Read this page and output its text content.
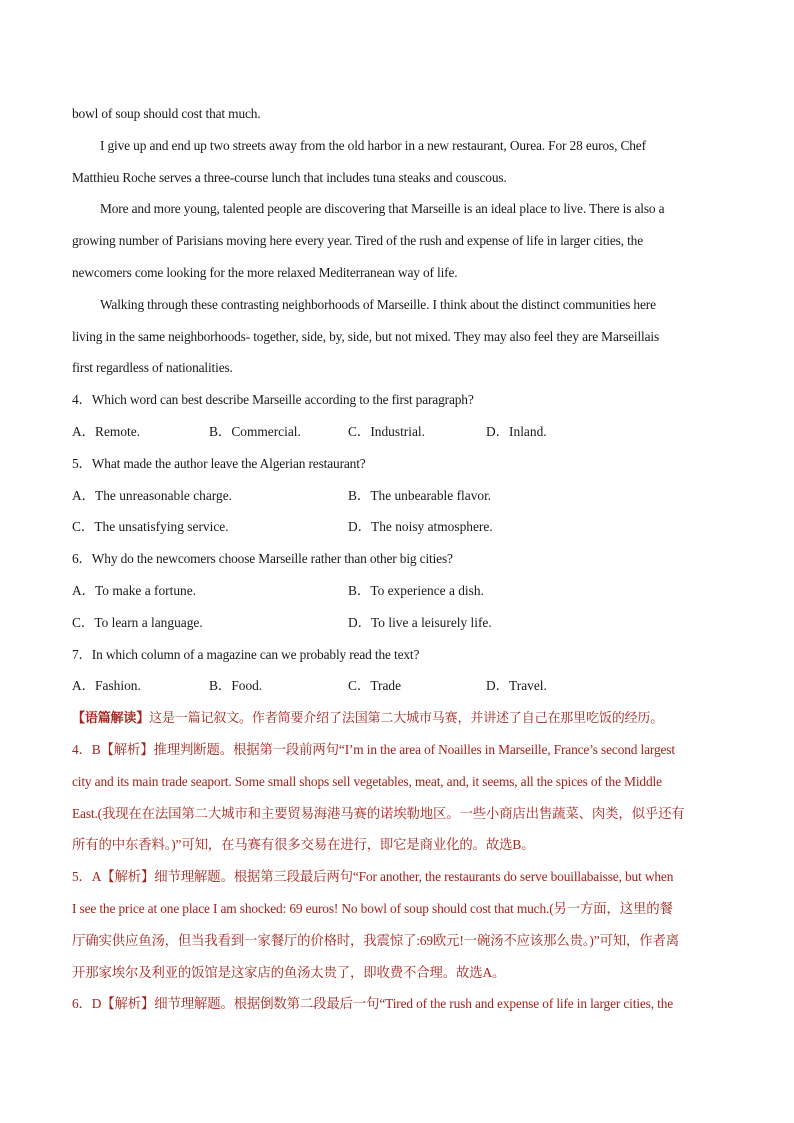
bowl of soup should cost that much.
I give up and end up two streets away from the old harbor in a new restaurant, Ourea. For 28 euros, Chef
Matthieu Roche serves a three-course lunch that includes tuna steaks and couscous.
More and more young, talented people are discovering that Marseille is an ideal place to live. There is also a
growing number of Parisians moving here every year. Tired of the rush and expense of life in larger cities, the
newcomers come looking for the more relaxed Mediterranean way of life.
Walking through these contrasting neighborhoods of Marseille. I think about the distinct communities here
living in the same neighborhoods- together, side, by, side, but not mixed. They may also feel they are Marseillais
first regardless of nationalities.
4．Which word can best describe Marseille according to the first paragraph?
A．Remote.	B．Commercial.	C．Industrial.	D．Inland.
5．What made the author leave the Algerian restaurant?
A．The unreasonable charge.	B．The unbearable flavor.
C．The unsatisfying service.	D．The noisy atmosphere.
6．Why do the newcomers choose Marseille rather than other big cities?
A．To make a fortune.	B．To experience a dish.
C．To learn a language.	D．To live a leisurely life.
7．In which column of a magazine can we probably read the text?
A．Fashion.	B．Food.	C．Trade	D．Travel.
【语篇解读】这是一篇记叙文。作者简要介绍了法国第二大城市马赛，并讲述了自己在那里吃饭的经历。
4．B【解析】推理判断题。根据第一段前两句“I’m in the area of Noailles in Marseille, France’s second largest
city and its main trade seaport. Some small shops sell vegetables, meat, and, it seems, all the spices of the Middle
East.(我现在在法国第二大城市和主要贸易海港马赛的诺埃勒地区。一些小商店出售蔬菜、肉类，似乎还有
所有的中东香料。)”可知，在马赛有很多交易在进行，即它是商业化的。故选B。
5．A【解析】细节理解题。根据第三段最后两句“For another, the restaurants do serve bouillabaisse, but when
I see the price at one place I am shocked: 69 euros! No bowl of soup should cost that much.(另一方面，这里的餐
厅确实供应鱼汤，但当我看到一家餐厅的价格时，我震惊了:69欧元!一碗汤不应该那么贵。)”可知，作者离
开那家埃尔及利亚的饭馆是这家店的鱼汤太贵了，即收费不合理。故选A。
6．D【解析】细节理解题。根据倒数第二段最后一句“Tired of the rush and expense of life in larger cities, the
